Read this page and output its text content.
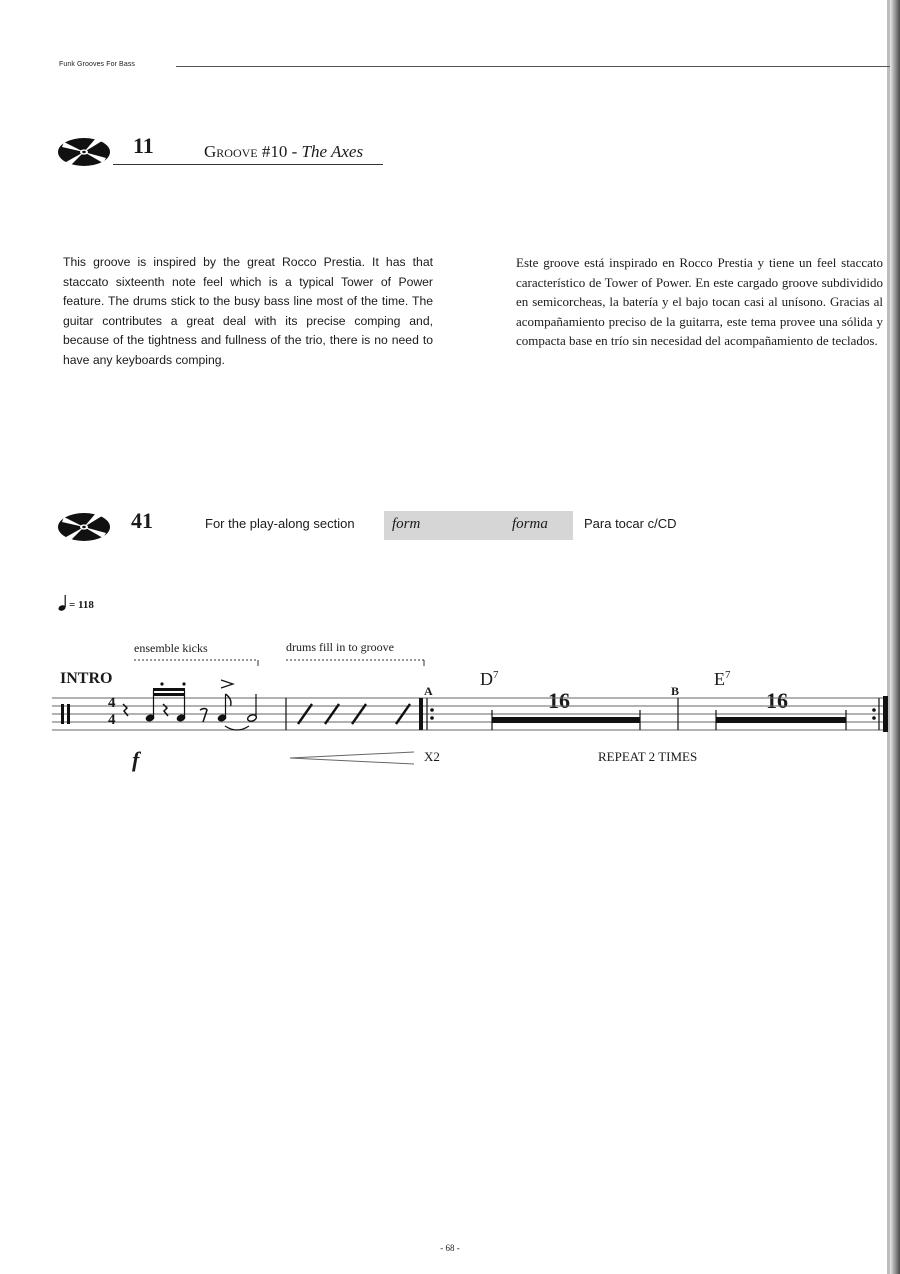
Funk Grooves For Bass
11	Groove #10 - The Axes
This groove is inspired by the great Rocco Prestia. It has that staccato sixteenth note feel which is a typical Tower of Power feature. The drums stick to the busy bass line most of the time. The guitar contributes a great deal with its precise comping and, because of the tightness and fullness of the trio, there is no need to have any keyboards comping.
Este groove está inspirado en Rocco Prestia y tiene un feel staccato característico de Tower of Power. En este cargado groove subdividido en semicorcheas, la batería y el bajo tocan casi al unísono. Gracias al acompañamiento preciso de la guitarra, este tema provee una sólida y compacta base en trío sin necesidad del acompañamiento de teclados.
41	For the play-along section form	forma	Para tocar c/CD
= 118
ensemble kicks	drums fill in to groove
INTRO
A	B
$D^7$	$E^7$
16	16
4
4
f	X2	REPEAT 2 TIMES
- 68 -
